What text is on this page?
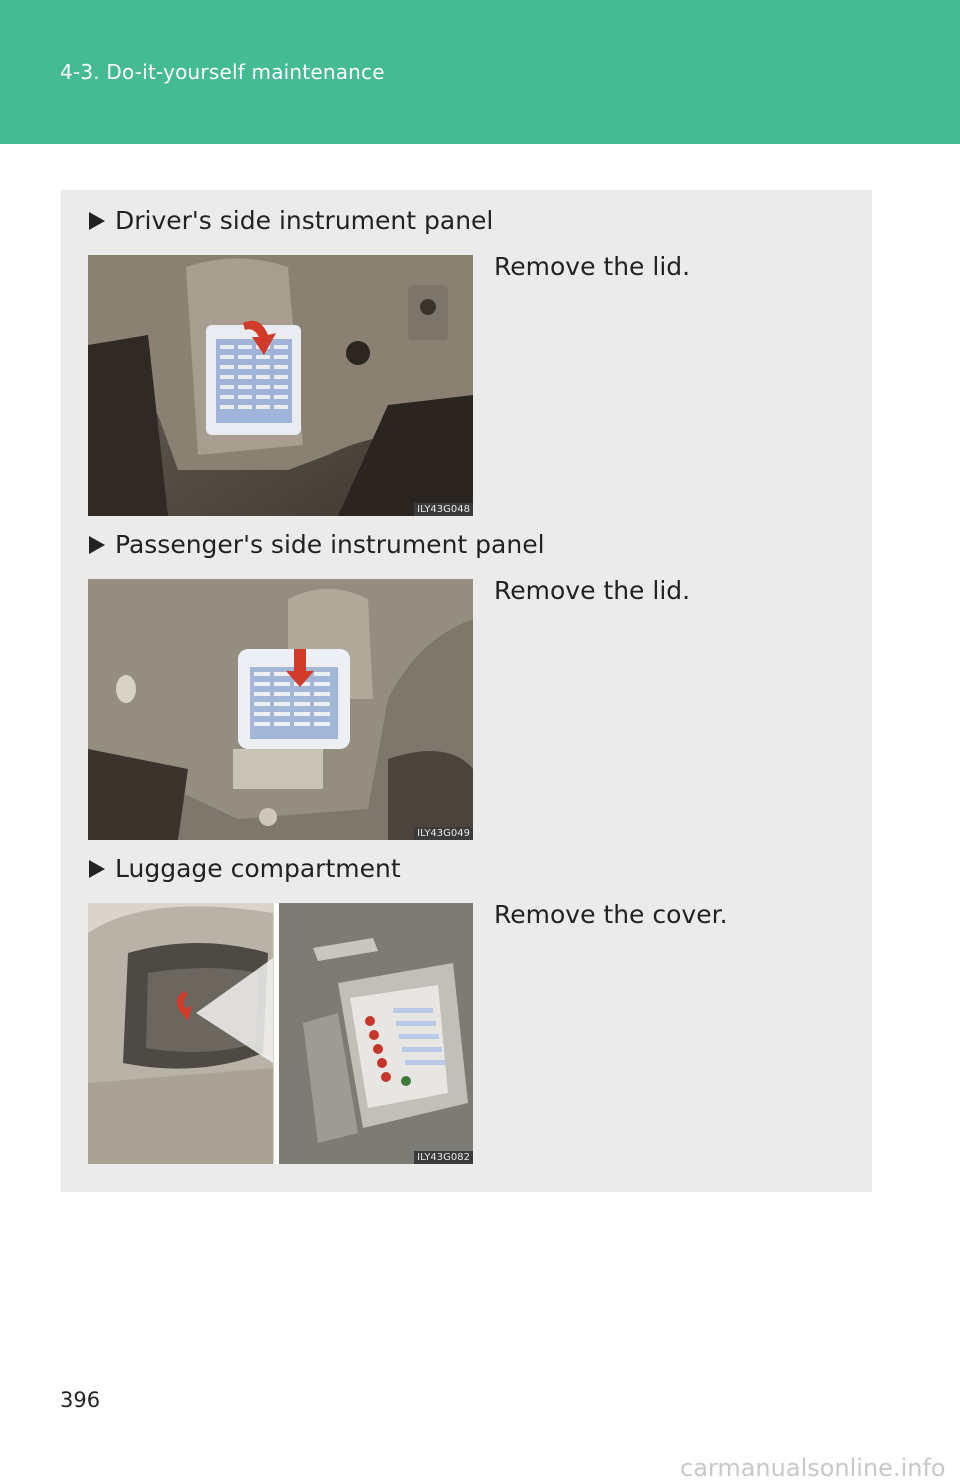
4-3. Do-it-yourself maintenance
Driver's side instrument panel
ILY43G048
Remove the lid.
Passenger's side instrument panel
ILY43G049
Remove the lid.
Luggage compartment
ILY43G082
Remove the cover.
396
carmanualsonline.info
